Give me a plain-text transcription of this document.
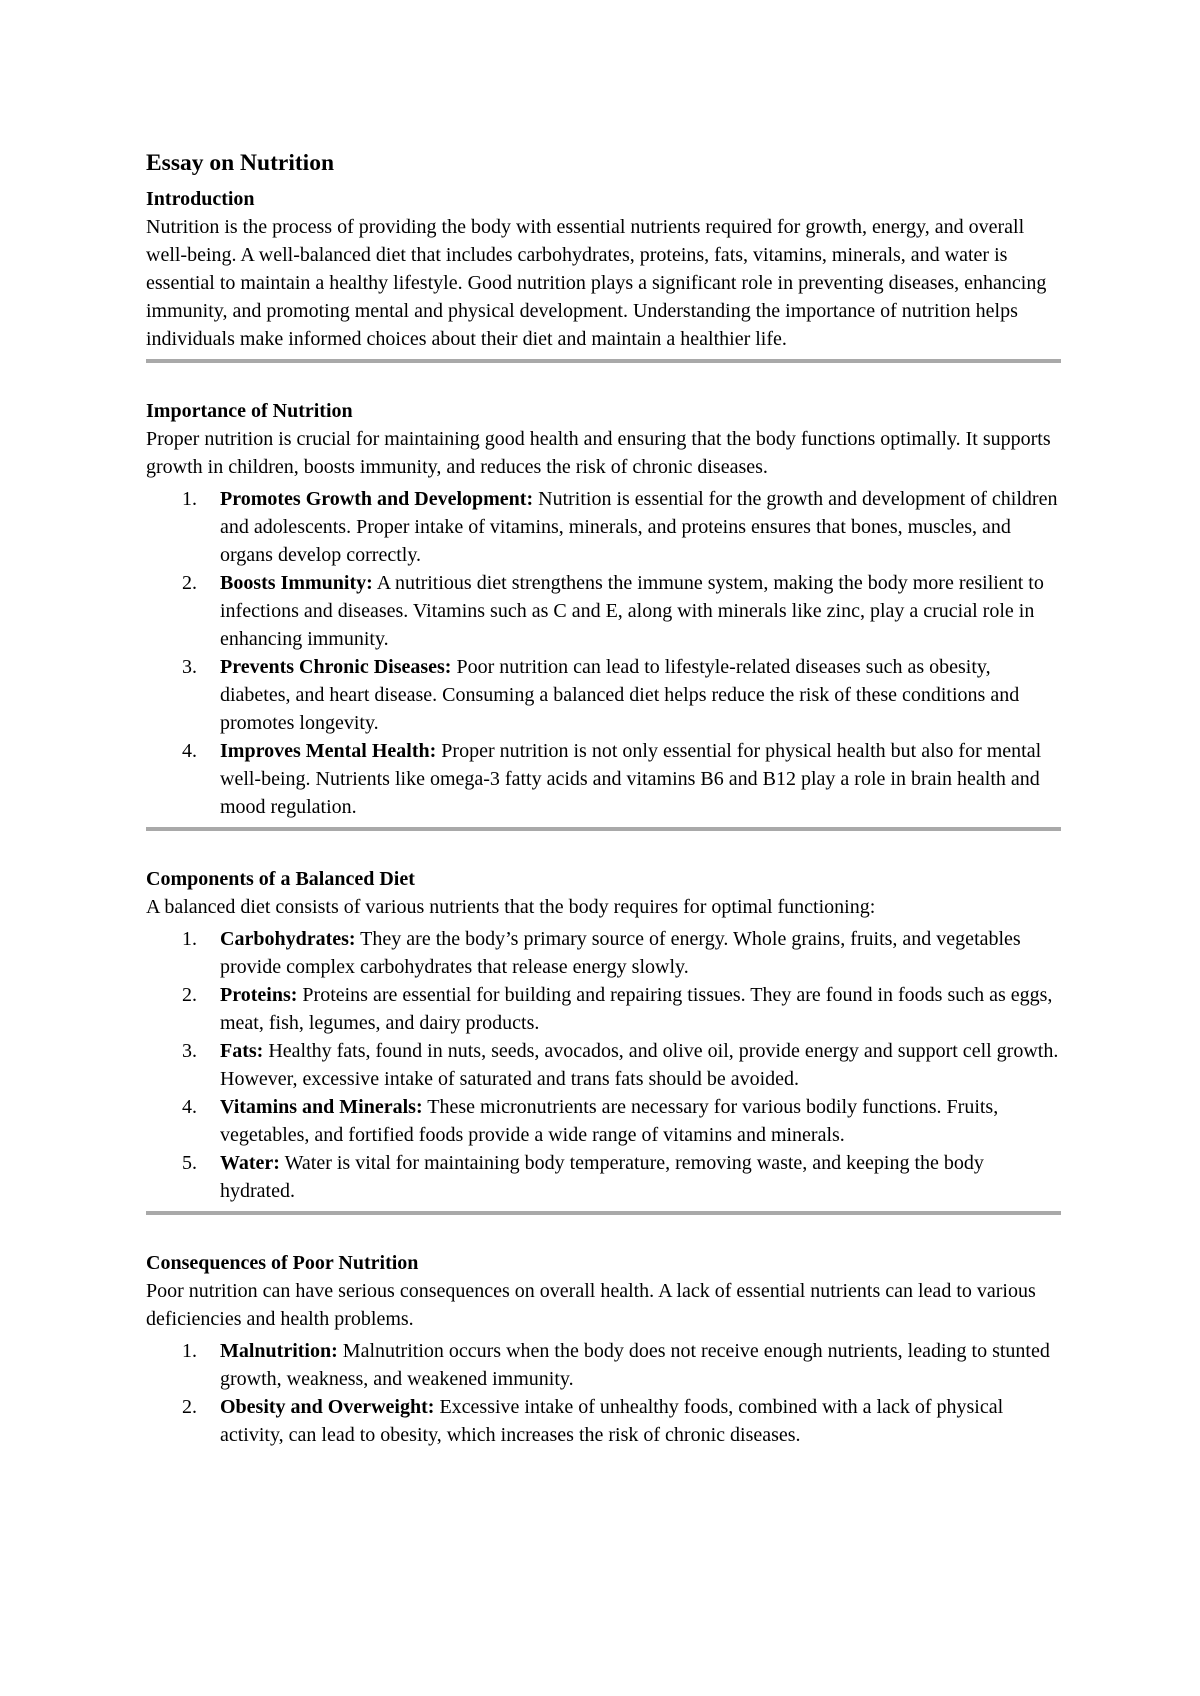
Essay on Nutrition
Introduction

Nutrition is the process of providing the body with essential nutrients required for growth, energy, and overall well-being. A well-balanced diet that includes carbohydrates, proteins, fats, vitamins, minerals, and water is essential to maintain a healthy lifestyle. Good nutrition plays a significant role in preventing diseases, enhancing immunity, and promoting mental and physical development. Understanding the importance of nutrition helps individuals make informed choices about their diet and maintain a healthier life.

Importance of Nutrition

Proper nutrition is crucial for maintaining good health and ensuring that the body functions optimally. It supports growth in children, boosts immunity, and reduces the risk of chronic diseases.

1.	Promotes Growth and Development: Nutrition is essential for the growth and development of children and adolescents. Proper intake of vitamins, minerals, and proteins ensures that bones, muscles, and organs develop correctly.
2.	Boosts Immunity: A nutritious diet strengthens the immune system, making the body more resilient to infections and diseases. Vitamins such as C and E, along with minerals like zinc, play a crucial role in enhancing immunity.
3.	Prevents Chronic Diseases: Poor nutrition can lead to lifestyle-related diseases such as obesity, diabetes, and heart disease. Consuming a balanced diet helps reduce the risk of these conditions and promotes longevity.
4.	Improves Mental Health: Proper nutrition is not only essential for physical health but also for mental well-being. Nutrients like omega-3 fatty acids and vitamins B6 and B12 play a role in brain health and mood regulation.
Components of a Balanced Diet

A balanced diet consists of various nutrients that the body requires for optimal functioning:

1.	Carbohydrates: They are the body’s primary source of energy. Whole grains, fruits, and vegetables provide complex carbohydrates that release energy slowly.
2.	Proteins: Proteins are essential for building and repairing tissues. They are found in foods such as eggs, meat, fish, legumes, and dairy products.
3.	Fats: Healthy fats, found in nuts, seeds, avocados, and olive oil, provide energy and support cell growth. However, excessive intake of saturated and trans fats should be avoided.
4.	Vitamins and Minerals: These micronutrients are necessary for various bodily functions. Fruits, vegetables, and fortified foods provide a wide range of vitamins and minerals.
5.	Water: Water is vital for maintaining body temperature, removing waste, and keeping the body hydrated.
Consequences of Poor Nutrition

Poor nutrition can have serious consequences on overall health. A lack of essential nutrients can lead to various deficiencies and health problems.

1.	Malnutrition: Malnutrition occurs when the body does not receive enough nutrients, leading to stunted growth, weakness, and weakened immunity.
2.	Obesity and Overweight: Excessive intake of unhealthy foods, combined with a lack of physical activity, can lead to obesity, which increases the risk of chronic diseases.
